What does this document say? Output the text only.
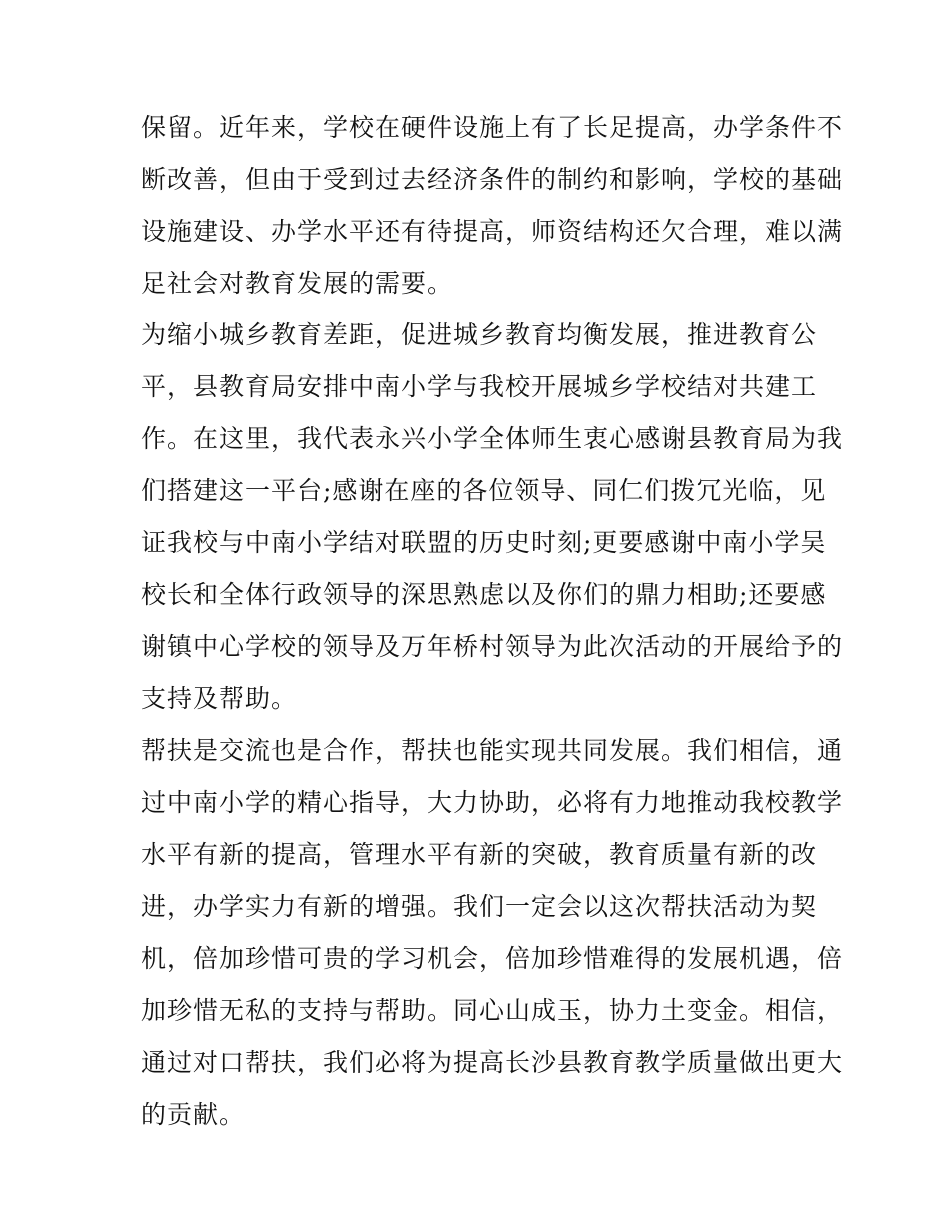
保留。近年来，学校在硬件设施上有了长足提高，办学条件不
断改善，但由于受到过去经济条件的制约和影响，学校的基础
设施建设、办学水平还有待提高，师资结构还欠合理，难以满
足社会对教育发展的需要。
为缩小城乡教育差距，促进城乡教育均衡发展，推进教育公
平，县教育局安排中南小学与我校开展城乡学校结对共建工
作。在这里，我代表永兴小学全体师生衷心感谢县教育局为我
们搭建这一平台;感谢在座的各位领导、同仁们拨冗光临，见
证我校与中南小学结对联盟的历史时刻;更要感谢中南小学吴
校长和全体行政领导的深思熟虑以及你们的鼎力相助;还要感
谢镇中心学校的领导及万年桥村领导为此次活动的开展给予的
支持及帮助。
帮扶是交流也是合作，帮扶也能实现共同发展。我们相信，通
过中南小学的精心指导，大力协助，必将有力地推动我校教学
水平有新的提高，管理水平有新的突破，教育质量有新的改
进，办学实力有新的增强。我们一定会以这次帮扶活动为契
机，倍加珍惜可贵的学习机会，倍加珍惜难得的发展机遇，倍
加珍惜无私的支持与帮助。同心山成玉，协力土变金。相信，
通过对口帮扶，我们必将为提高长沙县教育教学质量做出更大
的贡献。
